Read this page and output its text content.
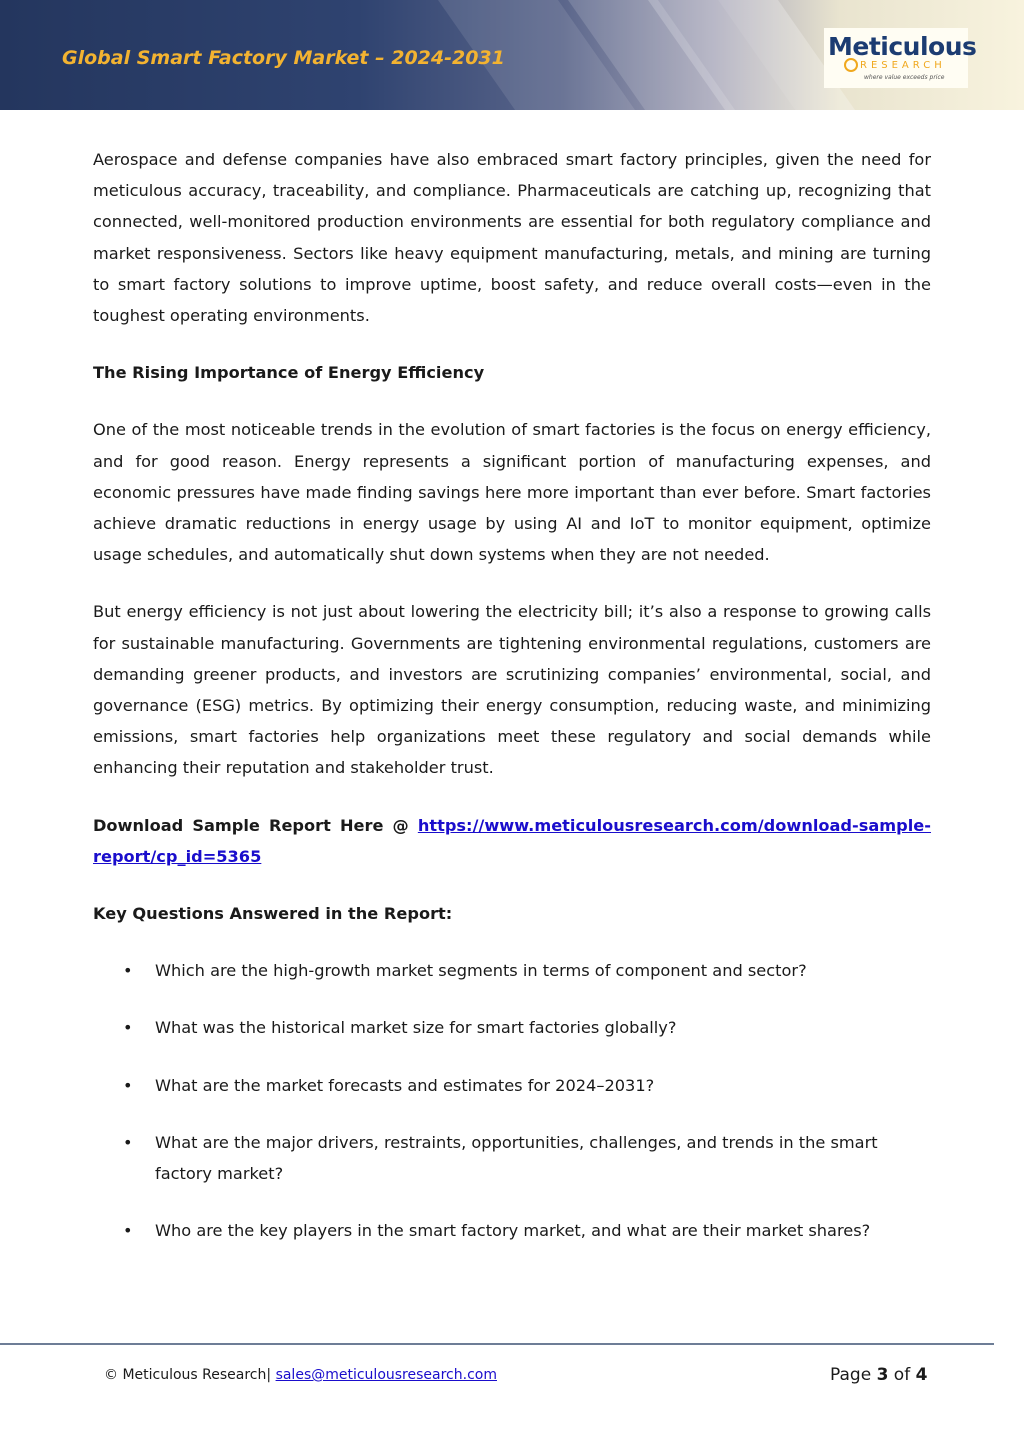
Global Smart Factory Market – 2024-2031	Meticulous
RESEARCH
where value exceeds price

Aerospace and defense companies have also embraced smart factory principles, given the need for meticulous accuracy, traceability, and compliance. Pharmaceuticals are catching up, recognizing that connected, well-monitored production environments are essential for both regulatory compliance and market responsiveness. Sectors like heavy equipment manufacturing, metals, and mining are turning to smart factory solutions to improve uptime, boost safety, and reduce overall costs—even in the toughest operating environments.

The Rising Importance of Energy Efficiency

One of the most noticeable trends in the evolution of smart factories is the focus on energy efficiency, and for good reason. Energy represents a significant portion of manufacturing expenses, and economic pressures have made finding savings here more important than ever before. Smart factories achieve dramatic reductions in energy usage by using AI and IoT to monitor equipment, optimize usage schedules, and automatically shut down systems when they are not needed.

But energy efficiency is not just about lowering the electricity bill; it’s also a response to growing calls for sustainable manufacturing. Governments are tightening environmental regulations, customers are demanding greener products, and investors are scrutinizing companies’ environmental, social, and governance (ESG) metrics. By optimizing their energy consumption, reducing waste, and minimizing emissions, smart factories help organizations meet these regulatory and social demands while enhancing their reputation and stakeholder trust.

Download Sample Report Here @ https://www.meticulousresearch.com/download-sample-report/cp_id=5365

Key Questions Answered in the Report:

• Which are the high-growth market segments in terms of component and sector?
• What was the historical market size for smart factories globally?
• What are the market forecasts and estimates for 2024–2031?
• What are the major drivers, restraints, opportunities, challenges, and trends in the smart factory market?
• Who are the key players in the smart factory market, and what are their market shares?
© Meticulous Research| sales@meticulousresearch.com	Page 3 of 4
